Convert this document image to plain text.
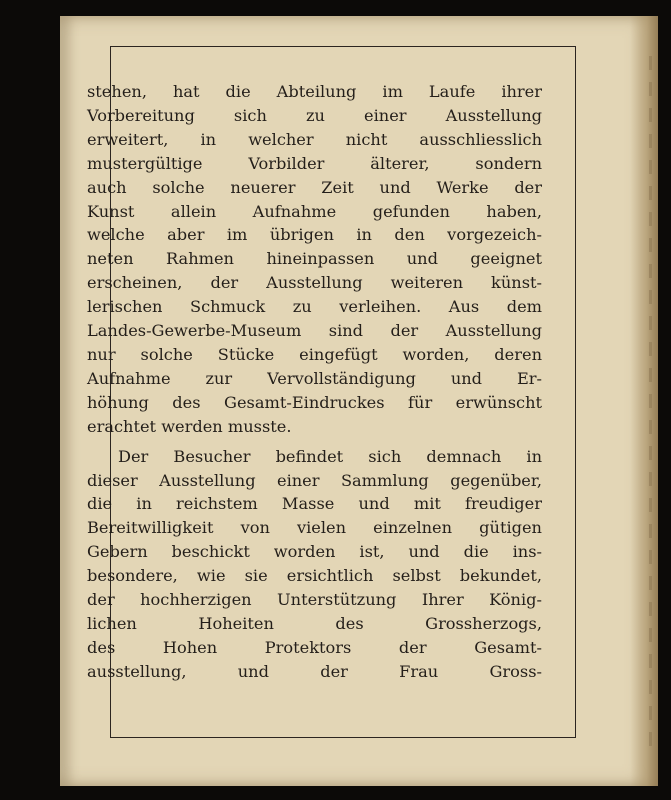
stehen, hat die Abteilung im Laufe ihrer
Vorbereitung sich zu einer Ausstellung
erweitert, in welcher nicht ausschliesslich
mustergültige Vorbilder älterer, sondern
auch solche neuerer Zeit und Werke der
Kunst allein Aufnahme gefunden haben,
welche aber im übrigen in den vorgezeich-
neten Rahmen hineinpassen und geeignet
erscheinen, der Ausstellung weiteren künst-
lerischen Schmuck zu verleihen. Aus dem
Landes-Gewerbe-Museum sind der Ausstellung
nur solche Stücke eingefügt worden, deren
Aufnahme zur Vervollständigung und Er-
höhung des Gesamt-Eindruckes für erwünscht
erachtet werden musste.

Der Besucher befindet sich demnach in
dieser Ausstellung einer Sammlung gegenüber,
die in reichstem Masse und mit freudiger
Bereitwilligkeit von vielen einzelnen gütigen
Gebern beschickt worden ist, und die ins-
besondere, wie sie ersichtlich selbst bekundet,
der hochherzigen Unterstützung Ihrer König-
lichen Hoheiten des Grossherzogs,
des Hohen Protektors der Gesamt-
ausstellung, und der Frau Gross-
